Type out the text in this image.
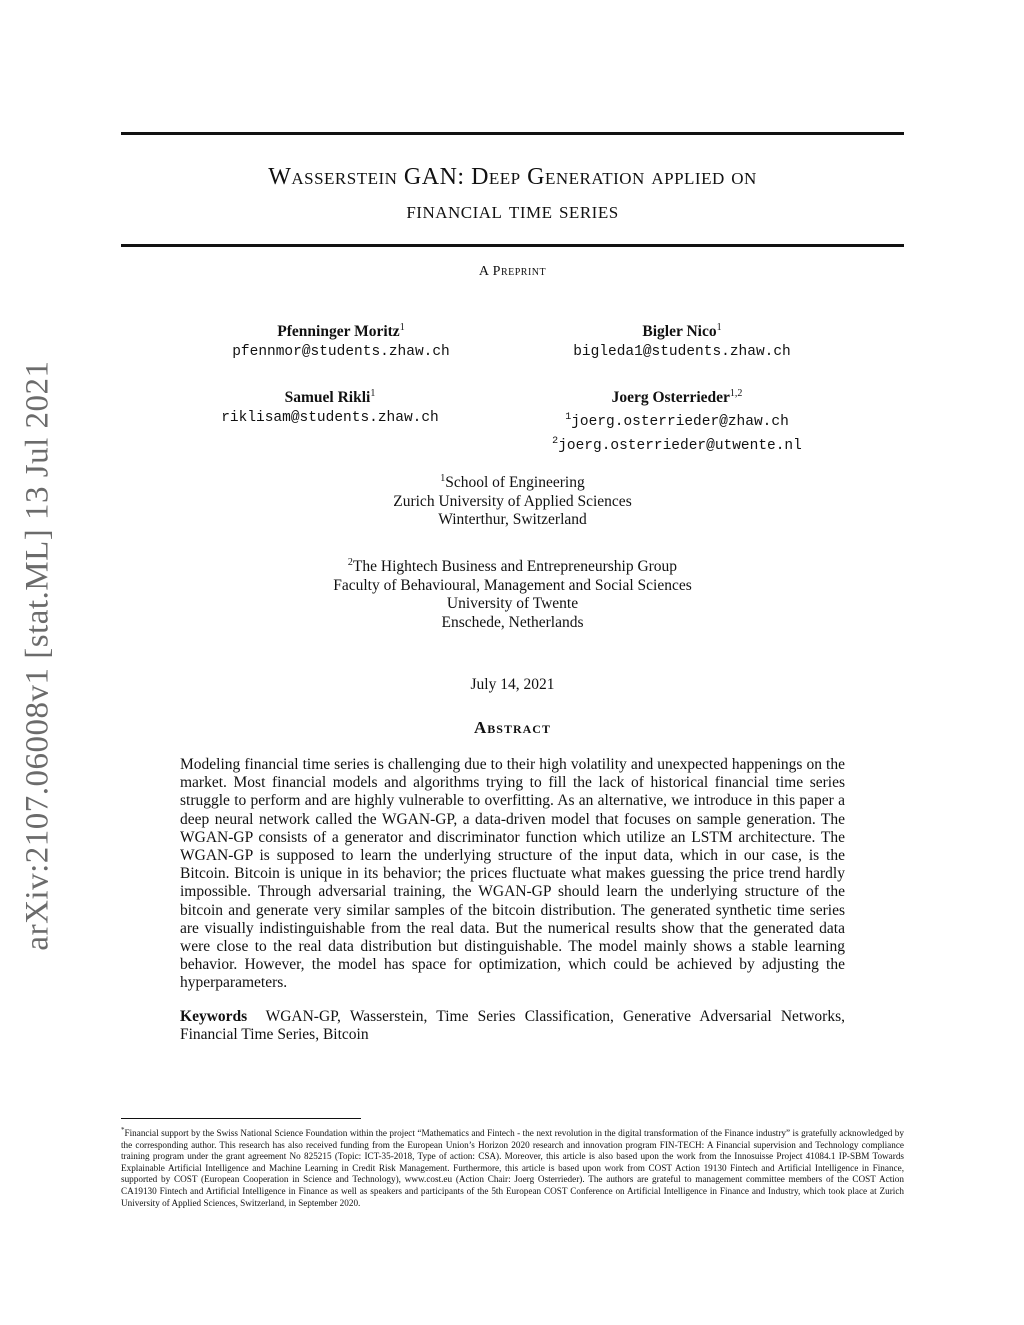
arXiv:2107.06008v1 [stat.ML] 13 Jul 2021
Wasserstein GAN: Deep Generation applied on
financial time series
A Preprint
Pfenninger Moritz$^1$
pfennmor@students.zhaw.ch
Bigler Nico$^1$
bigleda1@students.zhaw.ch
Samuel Rikli$^1$
riklisam@students.zhaw.ch
Joerg Osterrieder$^{1,2}$
$^1$joerg.osterrieder@zhaw.ch
$^2$joerg.osterrieder@utwente.nl
$^1$School of Engineering
Zurich University of Applied Sciences
Winterthur, Switzerland
$^2$The Hightech Business and Entrepreneurship Group
Faculty of Behavioural, Management and Social Sciences
University of Twente
Enschede, Netherlands
July 14, 2021
Abstract
Modeling financial time series is challenging due to their high volatility and unexpected happenings on the market. Most financial models and algorithms trying to fill the lack of historical financial time series struggle to perform and are highly vulnerable to overfitting. As an alternative, we introduce in this paper a deep neural network called the WGAN-GP, a data-driven model that focuses on sample generation. The WGAN-GP consists of a generator and discriminator function which utilize an LSTM architecture. The WGAN-GP is supposed to learn the underlying structure of the input data, which in our case, is the Bitcoin. Bitcoin is unique in its behavior; the prices fluctuate what makes guessing the price trend hardly impossible. Through adversarial training, the WGAN-GP should learn the underlying structure of the bitcoin and generate very similar samples of the bitcoin distribution. The generated synthetic time series are visually indistinguishable from the real data. But the numerical results show that the generated data were close to the real data distribution but distinguishable. The model mainly shows a stable learning behavior. However, the model has space for optimization, which could be achieved by adjusting the hyperparameters.
Keywords WGAN-GP, Wasserstein, Time Series Classification, Generative Adversarial Networks, Financial Time Series, Bitcoin
*Financial support by the Swiss National Science Foundation within the project “Mathematics and Fintech - the next revolution in the digital transformation of the Finance industry” is gratefully acknowledged by the corresponding author. This research has also received funding from the European Union’s Horizon 2020 research and innovation program FIN-TECH: A Financial supervision and Technology compliance training program under the grant agreement No 825215 (Topic: ICT-35-2018, Type of action: CSA). Moreover, this article is also based upon the work from the Innosuisse Project 41084.1 IP-SBM Towards Explainable Artificial Intelligence and Machine Learning in Credit Risk Management. Furthermore, this article is based upon work from COST Action 19130 Fintech and Artificial Intelligence in Finance, supported by COST (European Cooperation in Science and Technology), www.cost.eu (Action Chair: Joerg Osterrieder). The authors are grateful to management committee members of the COST Action CA19130 Fintech and Artificial Intelligence in Finance as well as speakers and participants of the 5th European COST Conference on Artificial Intelligence in Finance and Industry, which took place at Zurich University of Applied Sciences, Switzerland, in September 2020.
